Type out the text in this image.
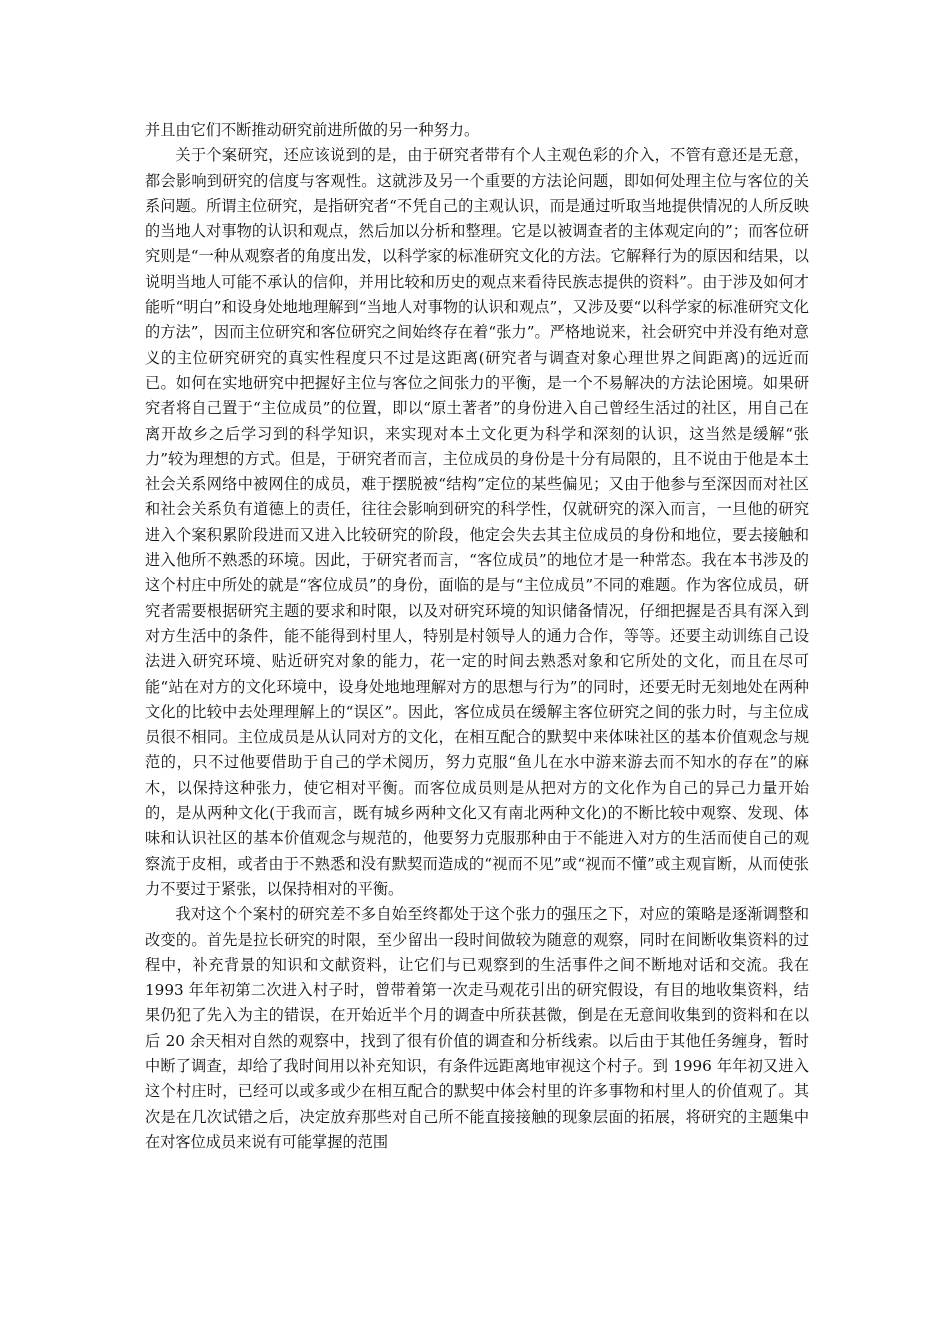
并且由它们不断推动研究前进所做的另一种努力。

关于个案研究，还应该说到的是，由于研究者带有个人主观色彩的介入，不管有意还是无意，都会影响到研究的信度与客观性。这就涉及另一个重要的方法论问题，即如何处理主位与客位的关系问题。所谓主位研究，是指研究者“不凭自己的主观认识，而是通过听取当地提供情况的人所反映的当地人对事物的认识和观点，然后加以分析和整理。它是以被调查者的主体观定向的”；而客位研究则是“一种从观察者的角度出发，以科学家的标准研究文化的方法。它解释行为的原因和结果，以说明当地人可能不承认的信仰，并用比较和历史的观点来看待民族志提供的资料”。由于涉及如何才能听“明白”和设身处地地理解到“当地人对事物的认识和观点”，又涉及要“以科学家的标准研究文化的方法”，因而主位研究和客位研究之间始终存在着“张力”。严格地说来，社会研究中并没有绝对意义的主位研究研究的真实性程度只不过是这距离(研究者与调查对象心理世界之间距离)的远近而已。如何在实地研究中把握好主位与客位之间张力的平衡，是一个不易解决的方法论困境。如果研究者将自己置于“主位成员”的位置，即以“原土著者”的身份进入自己曾经生活过的社区，用自己在离开故乡之后学习到的科学知识，来实现对本土文化更为科学和深刻的认识，这当然是缓解“张力”较为理想的方式。但是，于研究者而言，主位成员的身份是十分有局限的，且不说由于他是本土社会关系网络中被网住的成员，难于摆脱被“结构”定位的某些偏见；又由于他参与至深因而对社区和社会关系负有道德上的责任，往往会影响到研究的科学性，仅就研究的深入而言，一旦他的研究进入个案积累阶段进而又进入比较研究的阶段，他定会失去其主位成员的身份和地位，要去接触和进入他所不熟悉的环境。因此，于研究者而言，“客位成员”的地位才是一种常态。我在本书涉及的这个村庄中所处的就是“客位成员”的身份，面临的是与“主位成员”不同的难题。作为客位成员，研究者需要根据研究主题的要求和时限，以及对研究环境的知识储备情况，仔细把握是否具有深入到对方生活中的条件，能不能得到村里人，特别是村领导人的通力合作，等等。还要主动训练自己设法进入研究环境、贴近研究对象的能力，花一定的时间去熟悉对象和它所处的文化，而且在尽可能“站在对方的文化环境中，设身处地地理解对方的思想与行为”的同时，还要无时无刻地处在两种文化的比较中去处理理解上的“误区”。因此，客位成员在缓解主客位研究之间的张力时，与主位成员很不相同。主位成员是从认同对方的文化，在相互配合的默契中来体味社区的基本价值观念与规范的，只不过他要借助于自己的学术阅历，努力克服“鱼儿在水中游来游去而不知水的存在”的麻木，以保持这种张力，使它相对平衡。而客位成员则是从把对方的文化作为自己的异己力量开始的，是从两种文化(于我而言，既有城乡两种文化又有南北两种文化)的不断比较中观察、发现、体味和认识社区的基本价值观念与规范的，他要努力克服那种由于不能进入对方的生活而使自己的观察流于皮相，或者由于不熟悉和没有默契而造成的“视而不见”或“视而不懂”或主观盲断，从而使张力不要过于紧张，以保持相对的平衡。

我对这个个案村的研究差不多自始至终都处于这个张力的强压之下，对应的策略是逐渐调整和改变的。首先是拉长研究的时限，至少留出一段时间做较为随意的观察，同时在间断收集资料的过程中，补充背景的知识和文献资料，让它们与已观察到的生活事件之间不断地对话和交流。我在 1993 年年初第二次进入村子时，曾带着第一次走马观花引出的研究假设，有目的地收集资料，结果仍犯了先入为主的错误，在开始近半个月的调查中所获甚微，倒是在无意间收集到的资料和在以后 20 余天相对自然的观察中，找到了很有价值的调查和分析线索。以后由于其他任务缠身，暂时中断了调查，却给了我时间用以补充知识，有条件远距离地审视这个村子。到 1996 年年初又进入这个村庄时，已经可以或多或少在相互配合的默契中体会村里的许多事物和村里人的价值观了。其次是在几次试错之后，决定放弃那些对自己所不能直接接触的现象层面的拓展，将研究的主题集中在对客位成员来说有可能掌握的范围
